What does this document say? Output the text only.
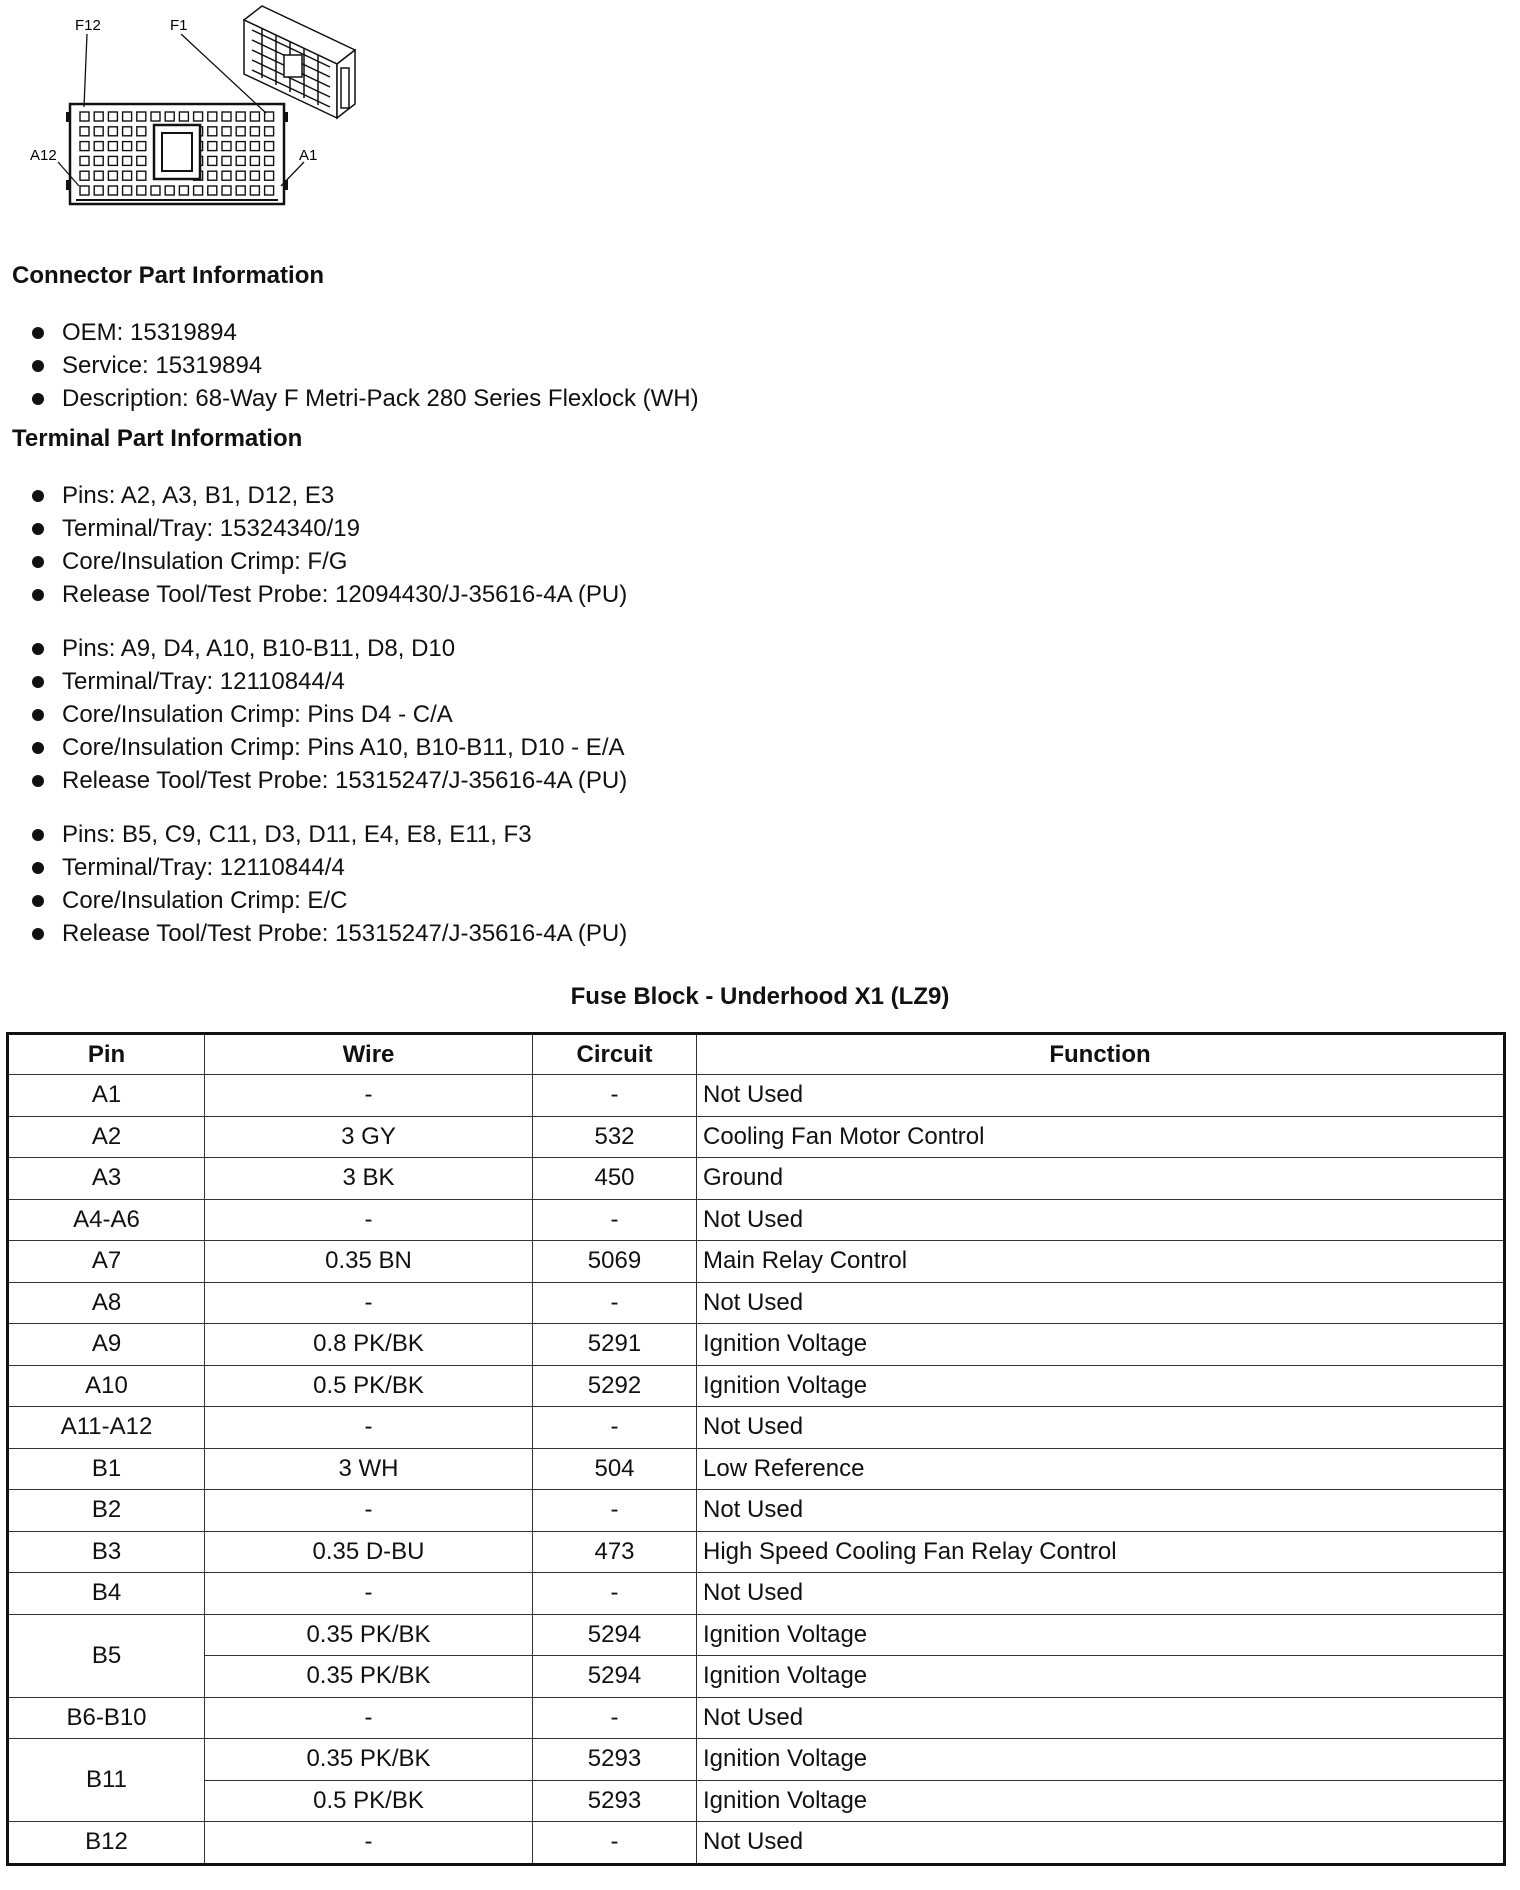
F12	F1
A12	A1
Connector Part Information
OEM: 15319894
Service: 15319894
Description: 68-Way F Metri-Pack 280 Series Flexlock (WH)
Terminal Part Information
Pins: A2, A3, B1, D12, E3
Terminal/Tray: 15324340/19
Core/Insulation Crimp: F/G
Release Tool/Test Probe: 12094430/J-35616-4A (PU)
Pins: A9, D4, A10, B10-B11, D8, D10
Terminal/Tray: 12110844/4
Core/Insulation Crimp: Pins D4 - C/A
Core/Insulation Crimp: Pins A10, B10-B11, D10 - E/A
Release Tool/Test Probe: 15315247/J-35616-4A (PU)
Pins: B5, C9, C11, D3, D11, E4, E8, E11, F3
Terminal/Tray: 12110844/4
Core/Insulation Crimp: E/C
Release Tool/Test Probe: 15315247/J-35616-4A (PU)
Fuse Block - Underhood X1 (LZ9)
Pin	Wire	Circuit	Function
A1	-	-	Not Used
A2	3 GY	532	Cooling Fan Motor Control
A3	3 BK	450	Ground
A4-A6	-	-	Not Used
A7	0.35 BN	5069	Main Relay Control
A8	-	-	Not Used
A9	0.8 PK/BK	5291	Ignition Voltage
A10	0.5 PK/BK	5292	Ignition Voltage
A11-A12	-	-	Not Used
B1	3 WH	504	Low Reference
B2	-	-	Not Used
B3	0.35 D-BU	473	High Speed Cooling Fan Relay Control
B4	-	-	Not Used
B5	0.35 PK/BK	5294	Ignition Voltage
	0.35 PK/BK	5294	Ignition Voltage
B6-B10	-	-	Not Used
B11	0.35 PK/BK	5293	Ignition Voltage
	0.5 PK/BK	5293	Ignition Voltage
B12	-	-	Not Used
